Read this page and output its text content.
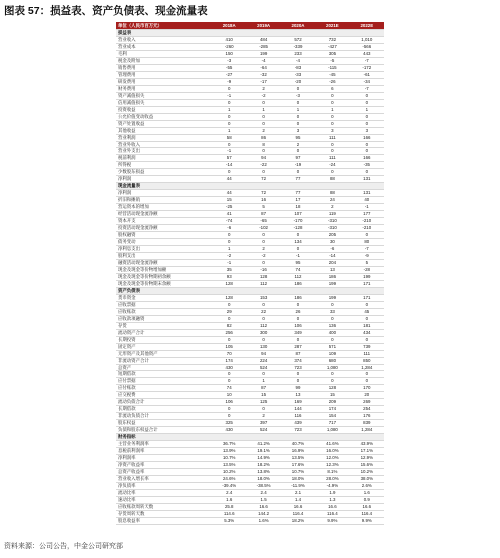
图表 57：损益表、资产负债表、现金流量表
单位（人民币百万元）	2018A	2019A	2020A	2021E	2022E
损益表					
营业收入	410	484	572	732	1,010
营业成本	-260	-285	-339	-427	-566
毛利	150	199	233	305	443
税金及附加	-3	-4	-4	-5	-7
销售费用	-55	-64	-83	-115	-172
管理费用	-27	-32	-33	-45	-61
研发费用	-9	-17	-20	-26	-34
财务费用	0	2	0	6	-7
资产减值损失	-1	-2	-3	0	0
信用减值损失	0	0	0	0	0
投资收益	1	1	1	1	1
公允价值变动收益	0	0	0	0	0
资产处置收益	0	0	0	0	0
其他收益	1	2	3	3	3
营业利润	58	86	95	111	166
营业外收入	0	8	2	0	0
营业外支出	-1	0	0	0	0
税前利润	57	94	97	111	166
所得税	-14	-22	-19	-24	-35
少数股东损益	0	0	0	0	0
净利润	44	72	77	88	131
现金流量表					
净利润	44	72	77	88	131
折旧和摊销	15	16	17	24	40
营运资本的增加	-25	5	18	2	-1
经营活动现金流净额	41	87	107	119	177
资本开支	-74	-65	-170	-310	-210
投资活动现金流净额	-6	-102	-128	-310	-210
股权融资	0	0	0	205	0
债务变动	0	0	134	30	80
净利息支出	1	2	0	-6	-7
股利支出	-2	-2	-1	-14	-9
融资活动现金流净额	-1	0	95	204	5
现金及现金等价物增加额	35	-16	74	13	-28
现金及现金等价物期初余额	93	128	112	186	199
现金及现金等价物期末余额	128	112	186	199	171
资产负债表					
货币资金	128	153	186	199	171
应收票据	0	0	0	0	0
应收账款	29	22	26	33	45
应收款项融资	0	0	0	0	0
存货	82	112	106	136	181
流动资产合计	256	300	349	400	434
长期投资	0	0	0	0	0
固定资产	105	130	287	571	739
无形资产及其他资产	70	94	87	109	111
非流动资产合计	174	224	374	680	850
总资产	430	524	723	1,080	1,284
短期借款	0	0	0	0	0
应付票据	0	1	0	0	0
应付账款	74	87	99	128	170
应交税费	10	15	13	15	20
流动负债合计	106	125	169	209	269
长期借款	0	0	144	174	254
非流动负债合计	0	2	116	154	176
股东权益	325	397	439	717	839
负债和股东权益合计	430	524	723	1,080	1,284
财务指标					
主营业务利润率	36.7%	41.2%	40.7%	41.6%	43.9%
息税前利润率	13.9%	19.1%	16.9%	16.0%	17.1%
净利润率	10.7%	14.9%	13.5%	12.0%	12.9%
净资产收益率	13.5%	18.2%	17.6%	12.3%	15.6%
总资产收益率	10.2%	13.8%	10.7%	8.1%	10.2%
营业收入增长率	24.6%	18.0%	18.0%	28.0%	38.0%
净负债率	-39.4%	-38.5%	-11.9%	-4.9%	2.6%
流动比率	2.4	2.4	2.1	1.9	1.6
速动比率	1.6	1.5	1.4	1.3	0.9
应收账款周转天数	25.8	16.6	16.6	16.6	16.6
存货周转天数	114.6	144.2	116.4	116.4	116.4
股息收益率	5.3%	1.6%	18.2%	9.9%	9.9%
资料来源：公司公告，中金公司研究部
